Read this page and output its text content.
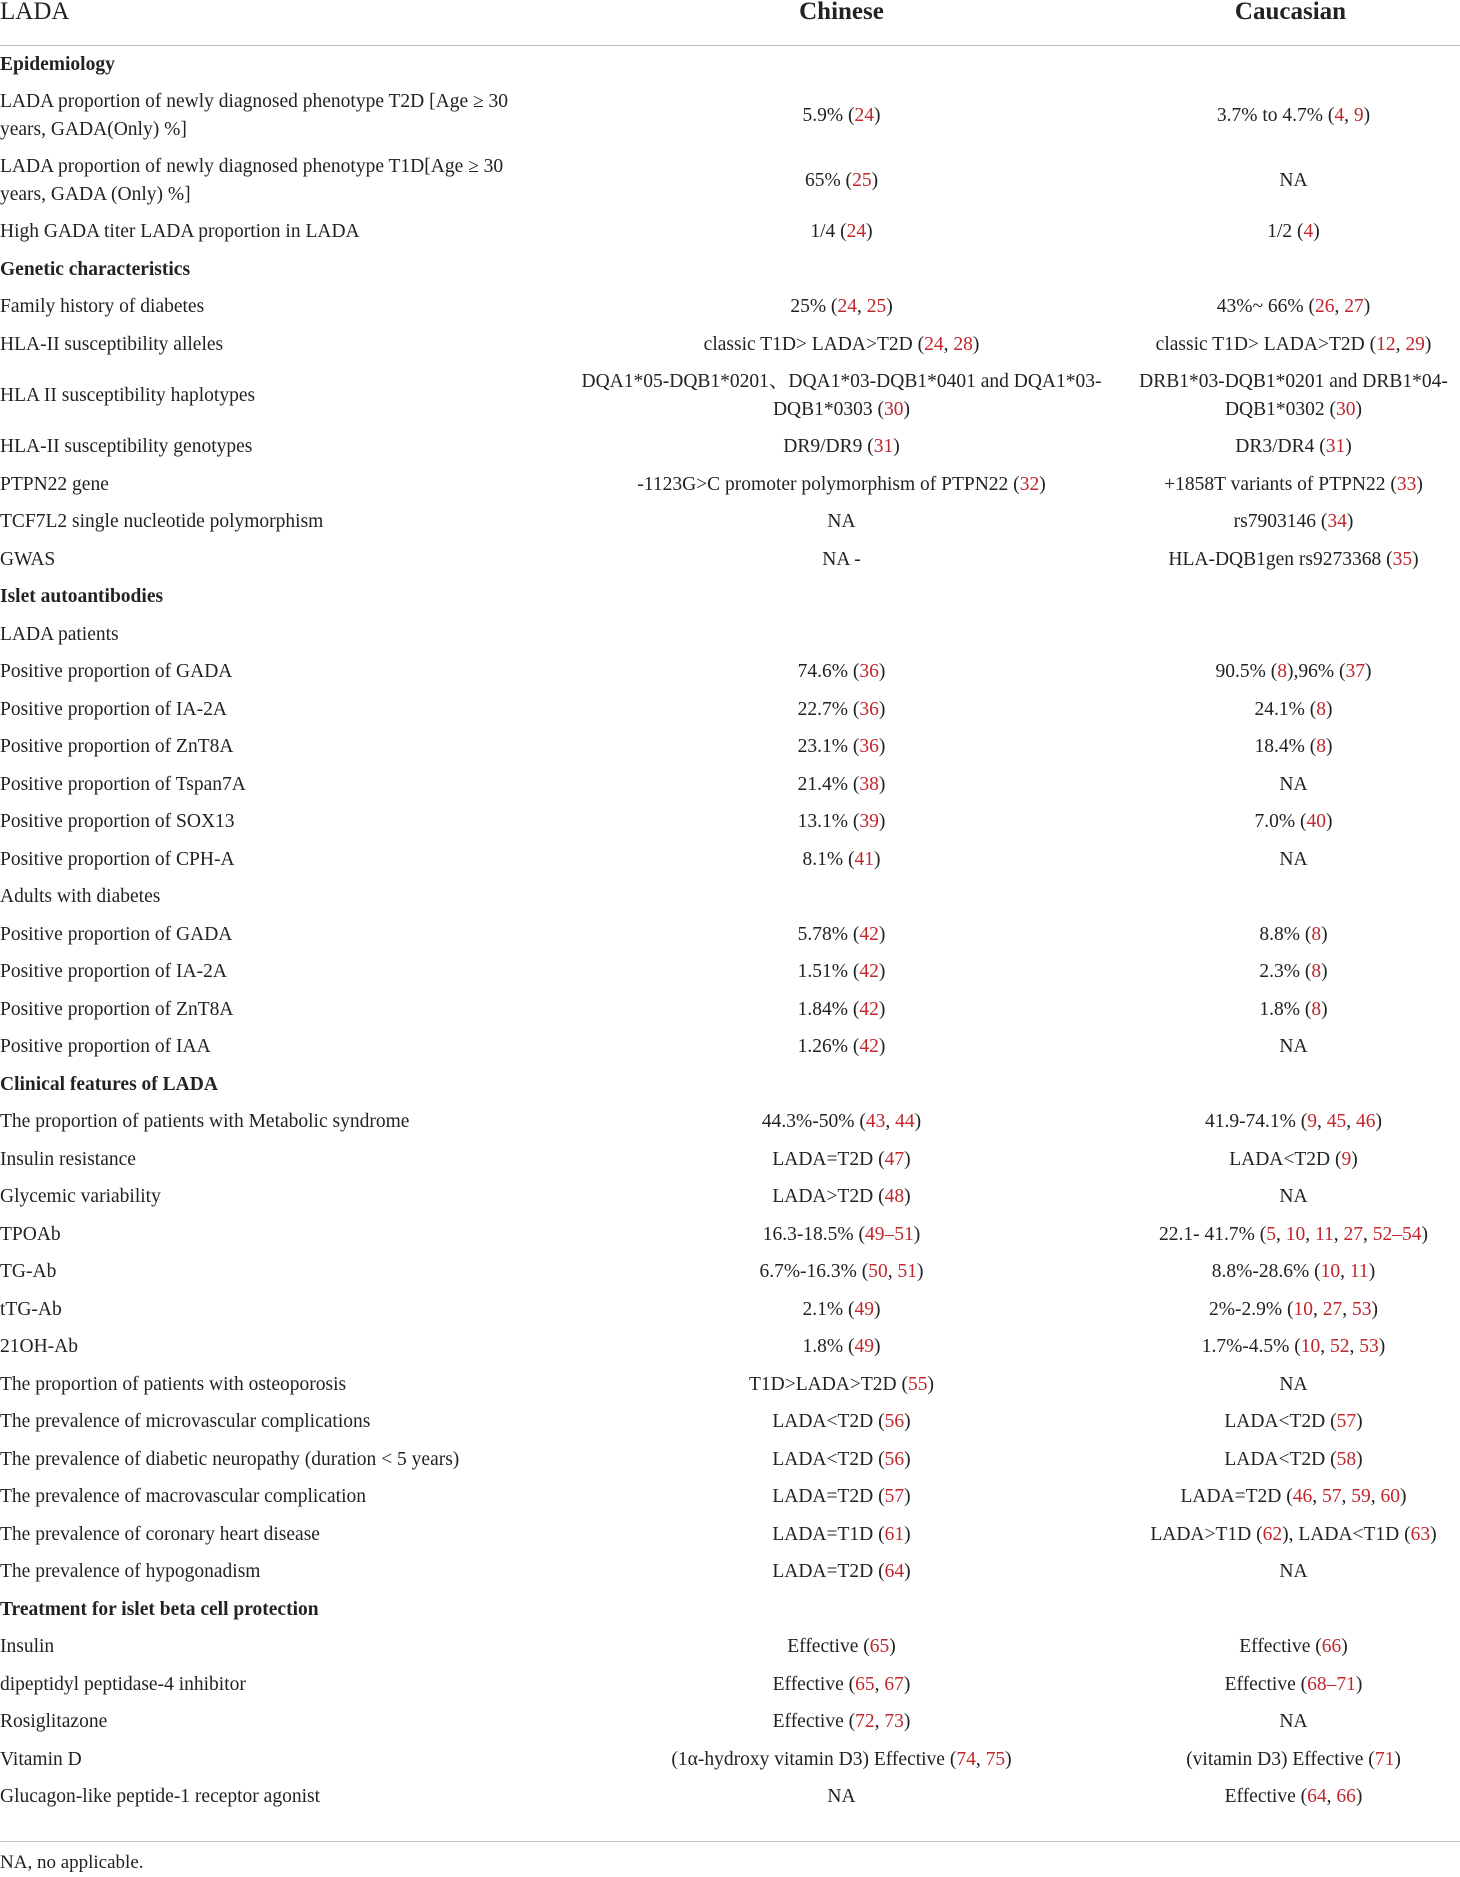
LADA	Chinese	Caucasian
Epidemiology		
LADA proportion of newly diagnosed phenotype T2D [Age ≥ 30 years, GADA(Only) %]	5.9% (24)	3.7% to 4.7% (4, 9)
LADA proportion of newly diagnosed phenotype T1D[Age ≥ 30 years, GADA (Only) %]	65% (25)	NA
High GADA titer LADA proportion in LADA	1/4 (24)	1/2 (4)
Genetic characteristics		
Family history of diabetes	25% (24, 25)	43%~ 66% (26, 27)
HLA-II susceptibility alleles	classic T1D> LADA>T2D (24, 28)	classic T1D> LADA>T2D (12, 29)
HLA II susceptibility haplotypes	DQA1*05-DQB1*0201、DQA1*03-DQB1*0401 and DQA1*03-DQB1*0303 (30)	DRB1*03-DQB1*0201 and DRB1*04-DQB1*0302 (30)
HLA-II susceptibility genotypes	DR9/DR9 (31)	DR3/DR4 (31)
PTPN22 gene	-1123G>C promoter polymorphism of PTPN22 (32)	+1858T variants of PTPN22 (33)
TCF7L2 single nucleotide polymorphism	NA	rs7903146 (34)
GWAS	NA -	HLA-DQB1gen rs9273368 (35)
Islet autoantibodies		
LADA patients		
Positive proportion of GADA	74.6% (36)	90.5% (8),96% (37)
Positive proportion of IA-2A	22.7% (36)	24.1% (8)
Positive proportion of ZnT8A	23.1% (36)	18.4% (8)
Positive proportion of Tspan7A	21.4% (38)	NA
Positive proportion of SOX13	13.1% (39)	7.0% (40)
Positive proportion of CPH-A	8.1% (41)	NA
Adults with diabetes		
Positive proportion of GADA	5.78% (42)	8.8% (8)
Positive proportion of IA-2A	1.51% (42)	2.3% (8)
Positive proportion of ZnT8A	1.84% (42)	1.8% (8)
Positive proportion of IAA	1.26% (42)	NA
Clinical features of LADA		
The proportion of patients with Metabolic syndrome	44.3%-50% (43, 44)	41.9-74.1% (9, 45, 46)
Insulin resistance	LADA=T2D (47)	LADA<T2D (9)
Glycemic variability	LADA>T2D (48)	NA
TPOAb	16.3-18.5% (49–51)	22.1- 41.7% (5, 10, 11, 27, 52–54)
TG-Ab	6.7%-16.3% (50, 51)	8.8%-28.6% (10, 11)
tTG-Ab	2.1% (49)	2%-2.9% (10, 27, 53)
21OH-Ab	1.8% (49)	1.7%-4.5% (10, 52, 53)
The proportion of patients with osteoporosis	T1D>LADA>T2D (55)	NA
The prevalence of microvascular complications	LADA<T2D (56)	LADA<T2D (57)
The prevalence of diabetic neuropathy (duration < 5 years)	LADA<T2D (56)	LADA<T2D (58)
The prevalence of macrovascular complication	LADA=T2D (57)	LADA=T2D (46, 57, 59, 60)
The prevalence of coronary heart disease	LADA=T1D (61)	LADA>T1D (62), LADA<T1D (63)
The prevalence of hypogonadism	LADA=T2D (64)	NA
Treatment for islet beta cell protection		
Insulin	Effective (65)	Effective (66)
dipeptidyl peptidase-4 inhibitor	Effective (65, 67)	Effective (68–71)
Rosiglitazone	Effective (72, 73)	NA
Vitamin D	(1α-hydroxy vitamin D3) Effective (74, 75)	(vitamin D3) Effective (71)
Glucagon-like peptide-1 receptor agonist	NA	Effective (64, 66)
NA, no applicable.
